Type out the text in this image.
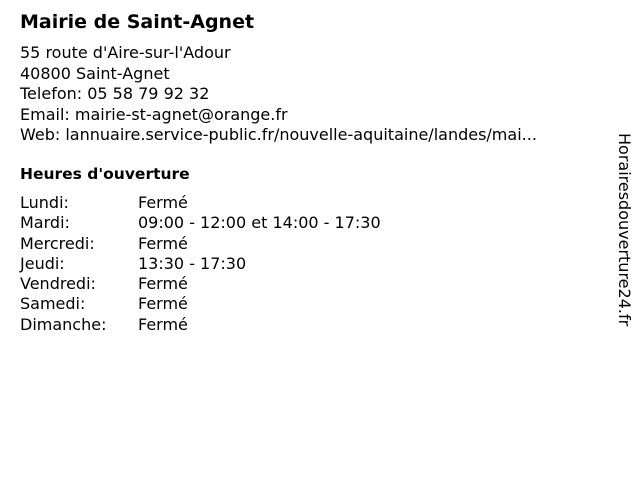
Mairie de Saint-Agnet
55 route d'Aire-sur-l'Adour
40800 Saint-Agnet
Telefon: 05 58 79 92 32
Email: mairie-st-agnet@orange.fr
Web: lannuaire.service-public.fr/nouvelle-aquitaine/landes/mai...
Heures d'ouverture
Lundi:	Fermé
Mardi:	09:00 - 12:00 et 14:00 - 17:30
Mercredi:	Fermé
Jeudi:	13:30 - 17:30
Vendredi:	Fermé
Samedi:	Fermé
Dimanche:	Fermé	Horairesdouverture24.fr
